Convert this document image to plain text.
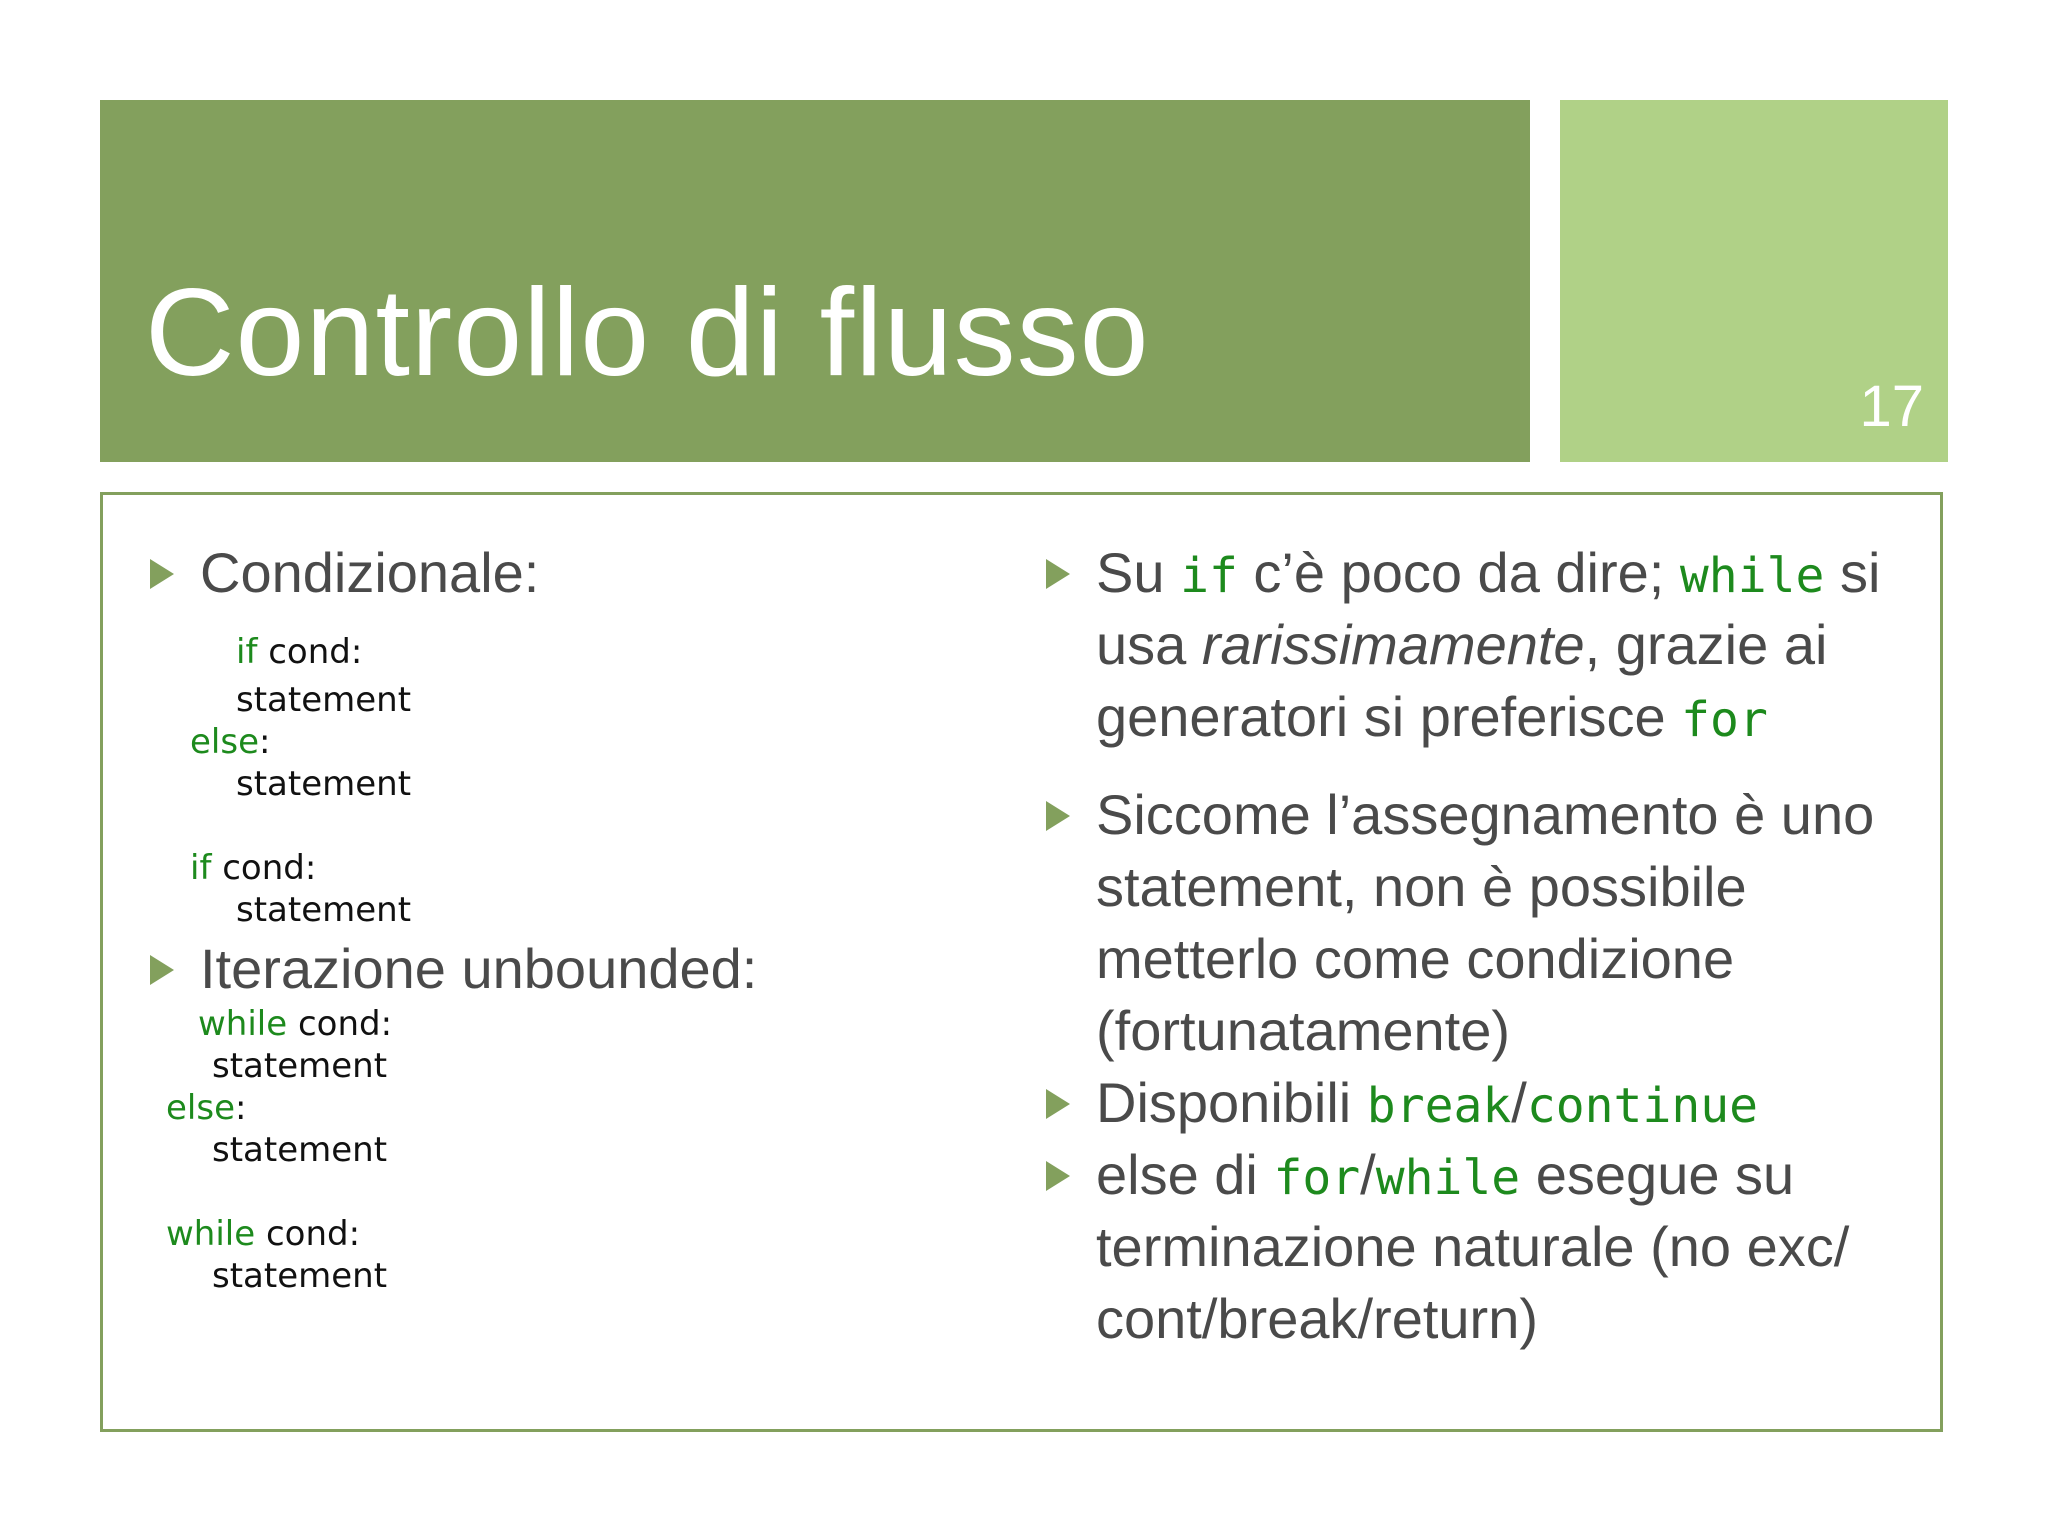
Controllo di flusso
17
Condizionale:
if cond:
statement
else:
statement
if cond:
statement
Iterazione unbounded:
while cond:
statement
else:
statement
while cond:
statement
Su if c’è poco da dire; while si
usa rarissimamente, grazie ai
generatori si preferisce for
Siccome l’assegnamento è uno
statement, non è possibile
metterlo come condizione
(fortunatamente)
Disponibili break/continue
else di for/while esegue su
terminazione naturale (no exc/
cont/break/return)
